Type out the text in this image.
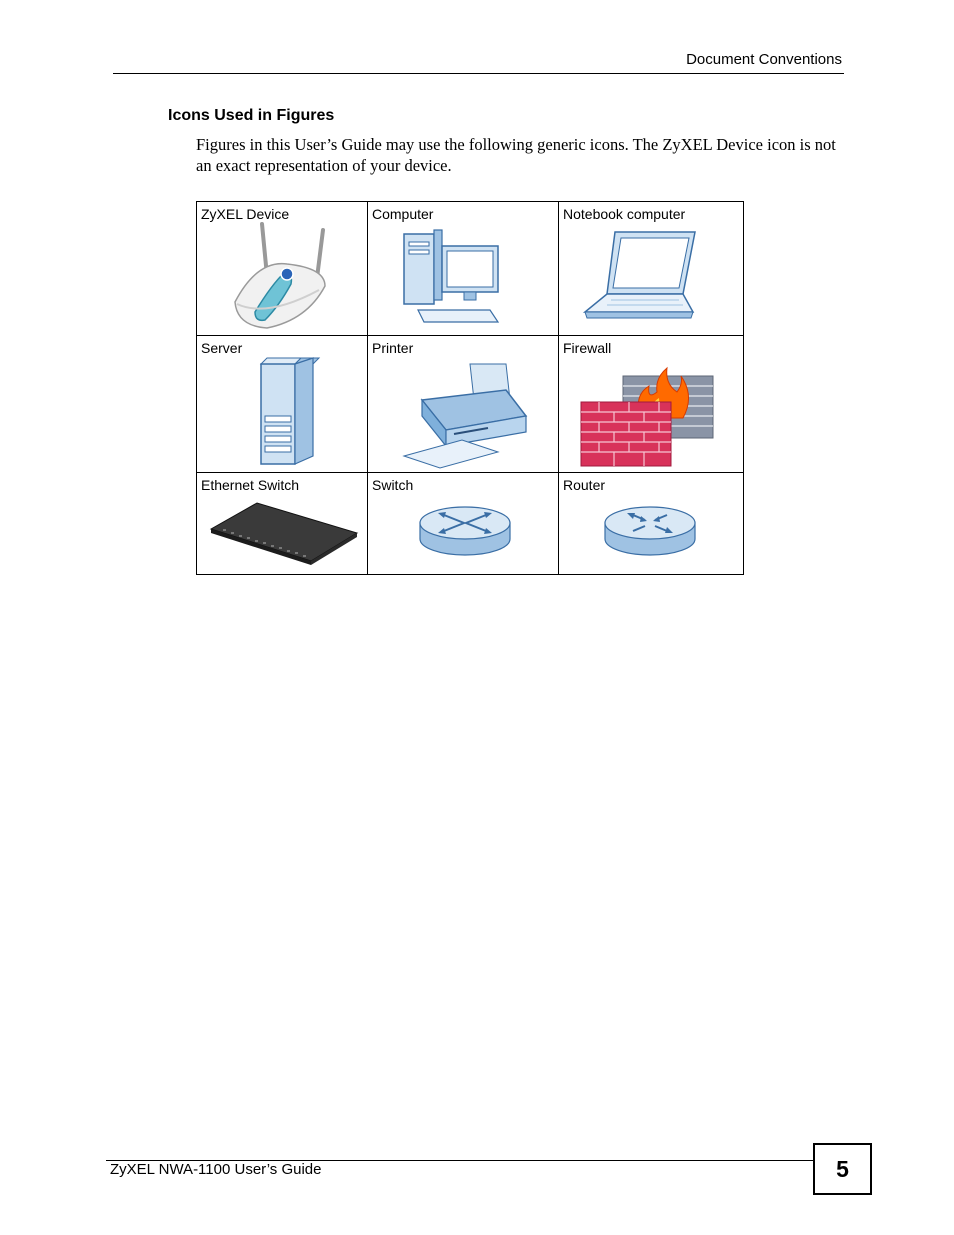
Document Conventions
Icons Used in Figures
Figures in this User’s Guide may use the following generic icons. The ZyXEL Device icon is not an exact representation of your device.
ZyXEL Device	Computer	Notebook computer

Server	Printer	Firewall

Ethernet Switch	Switch	Router
ZyXEL NWA-1100 User’s Guide	5
